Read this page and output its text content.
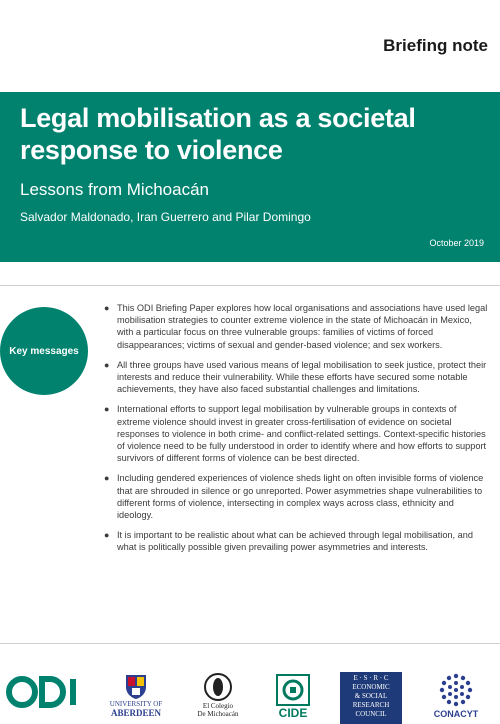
Briefing note
Legal mobilisation as a societal
response to violence
Lessons from Michoacán
Salvador Maldonado, Iran Guerrero and Pilar Domingo
October 2019
Key messages
● This ODI Briefing Paper explores how local organisations and associations have used legal mobilisation strategies to counter extreme violence in the state of Michoacán in Mexico, with a particular focus on three vulnerable groups: families of victims of forced disappearances; victims of sexual and gender-based violence; and sex workers.
● All three groups have used various means of legal mobilisation to seek justice, protect their interests and reduce their vulnerability. While these efforts have secured some notable achievements, they have also faced substantial challenges and limitations.
● International efforts to support legal mobilisation by vulnerable groups in contexts of extreme violence should invest in greater cross-fertilisation of evidence on societal responses to violence in both crime- and conflict-related settings. Context-specific histories of violence need to be fully understood in order to identify where and how efforts to support survivors of different forms of violence can be best directed.
● Including gendered experiences of violence sheds light on often invisible forms of violence that are shrouded in silence or go unreported. Power asymmetries shape vulnerabilities to different forms of violence, intersecting in complex ways across class, ethnicity and ideology.
● It is important to be realistic about what can be achieved through legal mobilisation, and what is politically possible given prevailing power asymmetries and interests.
UNIVERSITY OF
ABERDEEN
El Colegio
De Michoacán	CIDE
E · S · R · C
ECONOMIC
& SOCIAL
RESEARCH
COUNCIL	CONACYT
